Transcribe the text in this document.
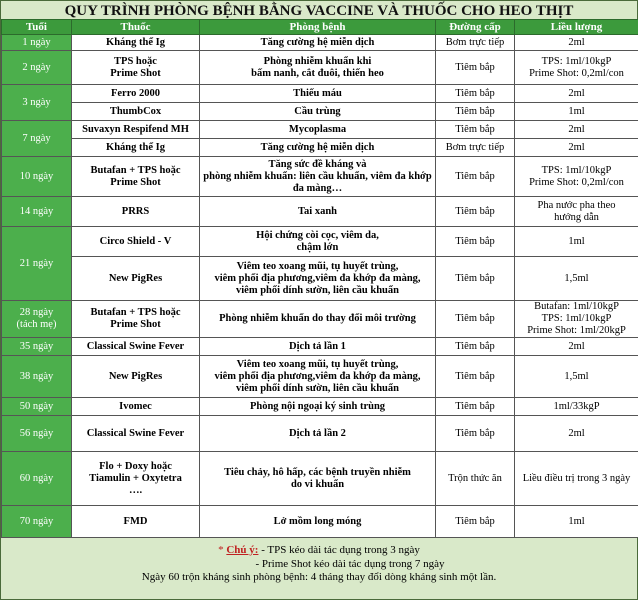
QUY TRÌNH PHÒNG BỆNH BẰNG VACCINE VÀ THUỐC CHO HEO THỊT
Tuổi	Thuốc	Phòng bệnh	Đường cấp	Liều lượng
1 ngày	Kháng thể Ig	Tăng cường hệ miễn dịch	Bơm trực tiếp	2ml
2 ngày	TPS hoặc
Prime Shot	Phòng nhiễm khuẩn khi
bấm nanh, cắt đuôi, thiến heo	Tiêm bắp	TPS: 1ml/10kgP
Prime Shot: 0,2ml/con
3 ngày	Ferro 2000	Thiếu máu	Tiêm bắp	2ml
	ThumbCox	Cầu trùng	Tiêm bắp	1ml
7 ngày	Suvaxyn Respifend MH	Mycoplasma	Tiêm bắp	2ml
	Kháng thể Ig	Tăng cường hệ miễn dịch	Bơm trực tiếp	2ml
10 ngày	Butafan + TPS hoặc
Prime Shot	Tăng sức đề kháng và
phòng nhiễm khuẩn: liên cầu khuẩn, viêm đa khớp
đa màng…	Tiêm bắp	TPS: 1ml/10kgP
Prime Shot: 0,2ml/con
14 ngày	PRRS	Tai xanh	Tiêm bắp	Pha nước pha theo
hướng dẫn
21 ngày	Circo Shield - V	Hội chứng còi cọc, viêm da,
chậm lớn	Tiêm bắp	1ml
	New PigRes	Viêm teo xoang mũi, tụ huyết trùng,
viêm phổi địa phương,viêm đa khớp đa màng,
viêm phổi dính sườn, liên cầu khuẩn	Tiêm bắp	1,5ml
28 ngày
(tách mẹ)	Butafan + TPS hoặc
Prime Shot	Phòng nhiễm khuẩn do thay đổi môi trường	Tiêm bắp	Butafan: 1ml/10kgP
TPS: 1ml/10kgP
Prime Shot: 1ml/20kgP
35 ngày	Classical Swine Fever	Dịch tả lần 1	Tiêm bắp	2ml
38 ngày	New PigRes	Viêm teo xoang mũi, tụ huyết trùng,
viêm phổi địa phương,viêm đa khớp đa màng,
viêm phổi dính sườn, liên cầu khuẩn	Tiêm bắp	1,5ml
50 ngày	Ivomec	Phòng nội ngoại ký sinh trùng	Tiêm bắp	1ml/33kgP
56 ngày	Classical Swine Fever	Dịch tả lần 2	Tiêm bắp	2ml
60 ngày	Flo + Doxy hoặc
Tiamulin + Oxytetra
….	Tiêu chảy, hô hấp, các bệnh truyền nhiễm
do vi khuẩn	Trộn thức ăn	Liều điều trị trong 3 ngày
70 ngày	FMD	Lở mồm long móng	Tiêm bắp	1ml
* Chú ý: - TPS kéo dài tác dụng trong 3 ngày
- Prime Shot kéo dài tác dụng trong 7 ngày
Ngày 60 trộn kháng sinh phòng bệnh: 4 tháng thay đổi dòng kháng sinh một lần.
